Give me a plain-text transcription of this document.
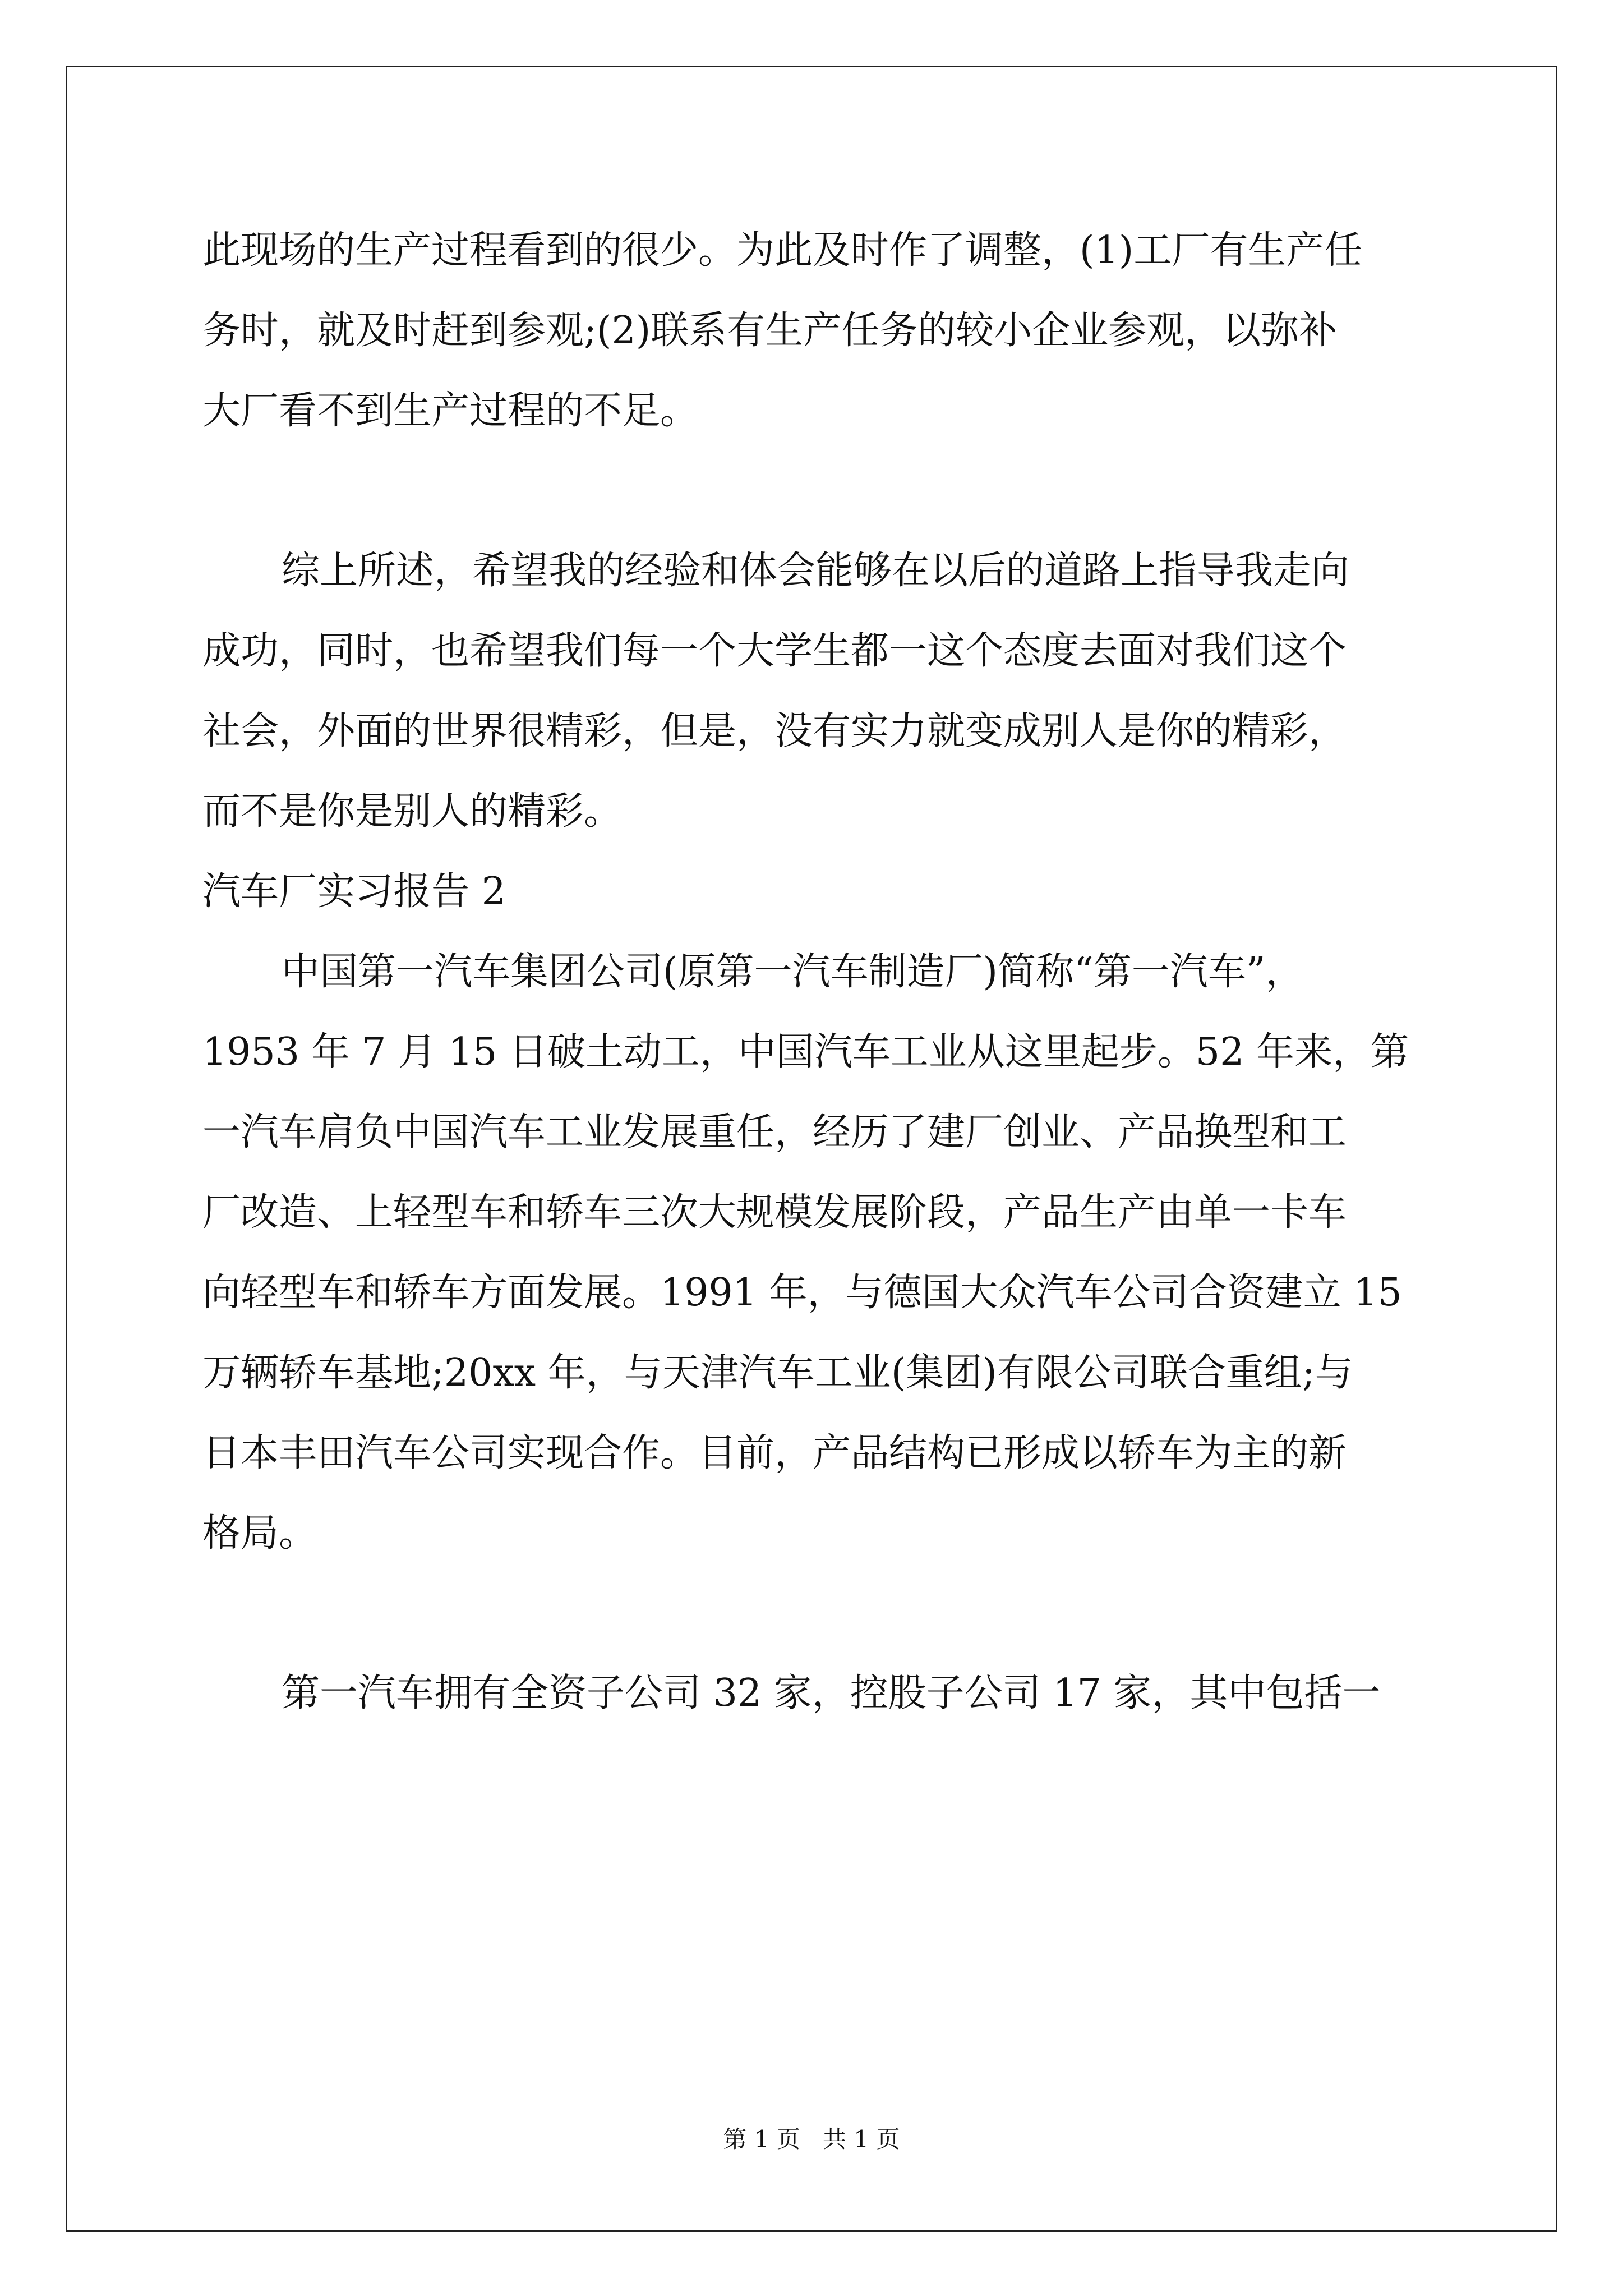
此现场的生产过程看到的很少。为此及时作了调整，(1)工厂有生产任
务时，就及时赶到参观;(2)联系有生产任务的较小企业参观，以弥补
大厂看不到生产过程的不足。
综上所述，希望我的经验和体会能够在以后的道路上指导我走向
成功，同时，也希望我们每一个大学生都一这个态度去面对我们这个
社会，外面的世界很精彩，但是，没有实力就变成别人是你的精彩，
而不是你是别人的精彩。
汽车厂实习报告 2
中国第一汽车集团公司(原第一汽车制造厂)简称“第一汽车”，
1953 年 7 月 15 日破土动工，中国汽车工业从这里起步。52 年来，第
一汽车肩负中国汽车工业发展重任，经历了建厂创业、产品换型和工
厂改造、上轻型车和轿车三次大规模发展阶段，产品生产由单一卡车
向轻型车和轿车方面发展。1991 年，与德国大众汽车公司合资建立 15
万辆轿车基地;20xx 年，与天津汽车工业(集团)有限公司联合重组;与
日本丰田汽车公司实现合作。目前，产品结构已形成以轿车为主的新
格局。
第一汽车拥有全资子公司 32 家，控股子公司 17 家，其中包括一
第 1 页   共 1 页
